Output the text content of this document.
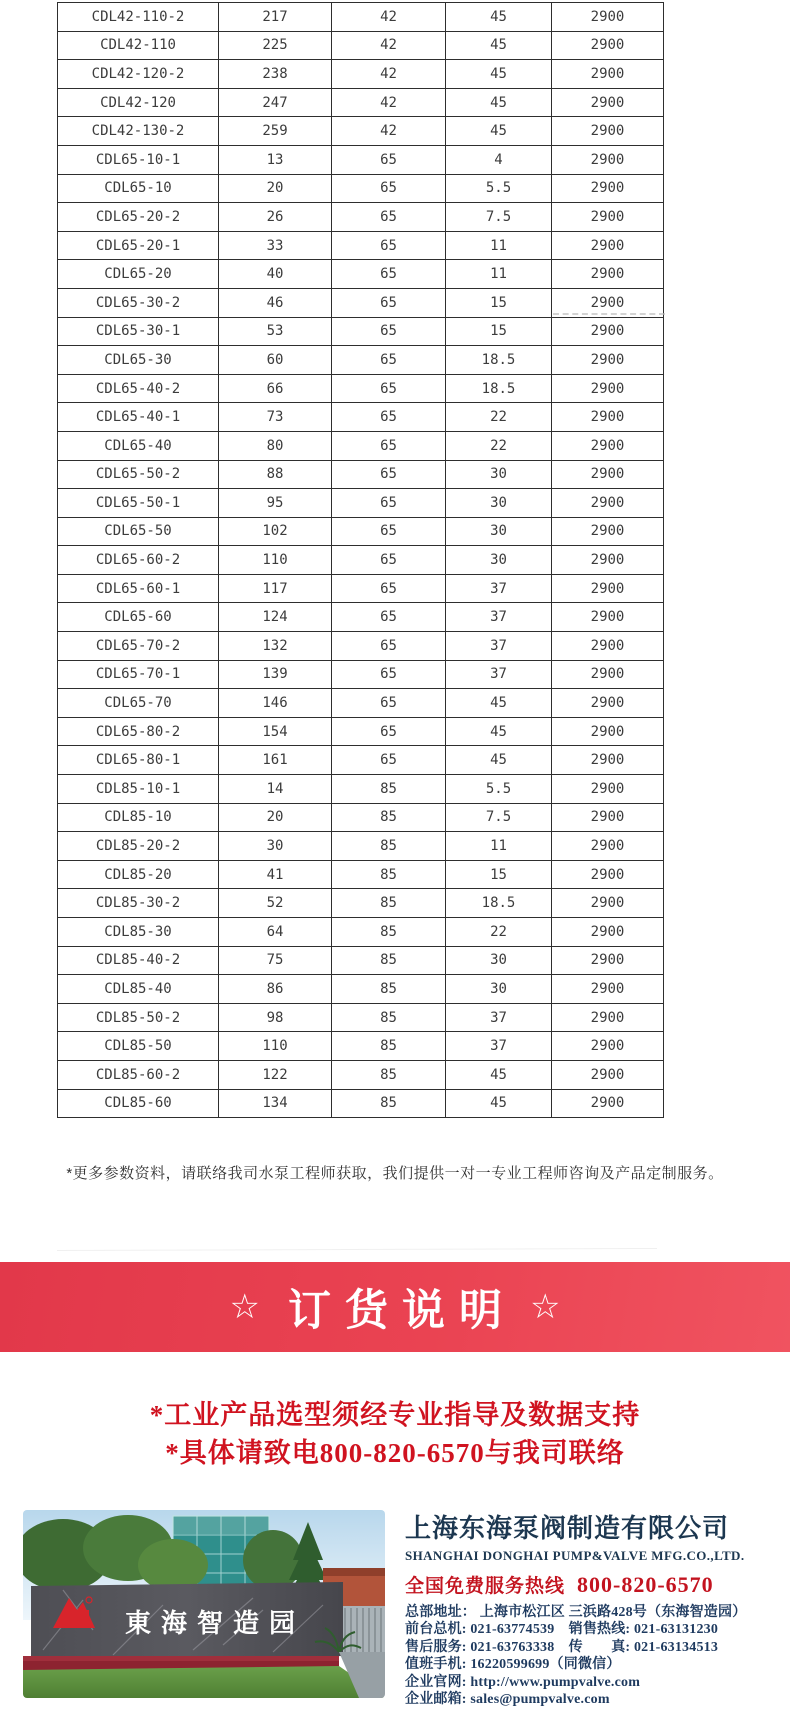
CDL42-110-2	217	42	45	2900
CDL42-110	225	42	45	2900
CDL42-120-2	238	42	45	2900
CDL42-120	247	42	45	2900
CDL42-130-2	259	42	45	2900
CDL65-10-1	13	65	4	2900
CDL65-10	20	65	5.5	2900
CDL65-20-2	26	65	7.5	2900
CDL65-20-1	33	65	11	2900
CDL65-20	40	65	11	2900
CDL65-30-2	46	65	15	2900
CDL65-30-1	53	65	15	2900
CDL65-30	60	65	18.5	2900
CDL65-40-2	66	65	18.5	2900
CDL65-40-1	73	65	22	2900
CDL65-40	80	65	22	2900
CDL65-50-2	88	65	30	2900
CDL65-50-1	95	65	30	2900
CDL65-50	102	65	30	2900
CDL65-60-2	110	65	30	2900
CDL65-60-1	117	65	37	2900
CDL65-60	124	65	37	2900
CDL65-70-2	132	65	37	2900
CDL65-70-1	139	65	37	2900
CDL65-70	146	65	45	2900
CDL65-80-2	154	65	45	2900
CDL65-80-1	161	65	45	2900
CDL85-10-1	14	85	5.5	2900
CDL85-10	20	85	7.5	2900
CDL85-20-2	30	85	11	2900
CDL85-20	41	85	15	2900
CDL85-30-2	52	85	18.5	2900
CDL85-30	64	85	22	2900
CDL85-40-2	75	85	30	2900
CDL85-40	86	85	30	2900
CDL85-50-2	98	85	37	2900
CDL85-50	110	85	37	2900
CDL85-60-2	122	85	45	2900
CDL85-60	134	85	45	2900
*更多参数资料，请联络我司水泵工程师获取，我们提供一对一专业工程师咨询及产品定制服务。
☆ 订货说明 ☆
*工业产品选型须经专业指导及数据支持
*具体请致电800-820-6570与我司联络
東海智造园
上海东海泵阀制造有限公司
SHANGHAI DONGHAI PUMP&VALVE MFG.CO.,LTD.
全国免费服务热线 800-820-6570
总部地址： 上海市松江区 三浜路428号（东海智造园）
前台总机: 021-63774539　销售热线: 021-63131230
售后服务: 021-63763338　传　　真: 021-63134513
值班手机: 16220599699（同微信）
企业官网: http://www.pumpvalve.com
企业邮箱: sales@pumpvalve.com
